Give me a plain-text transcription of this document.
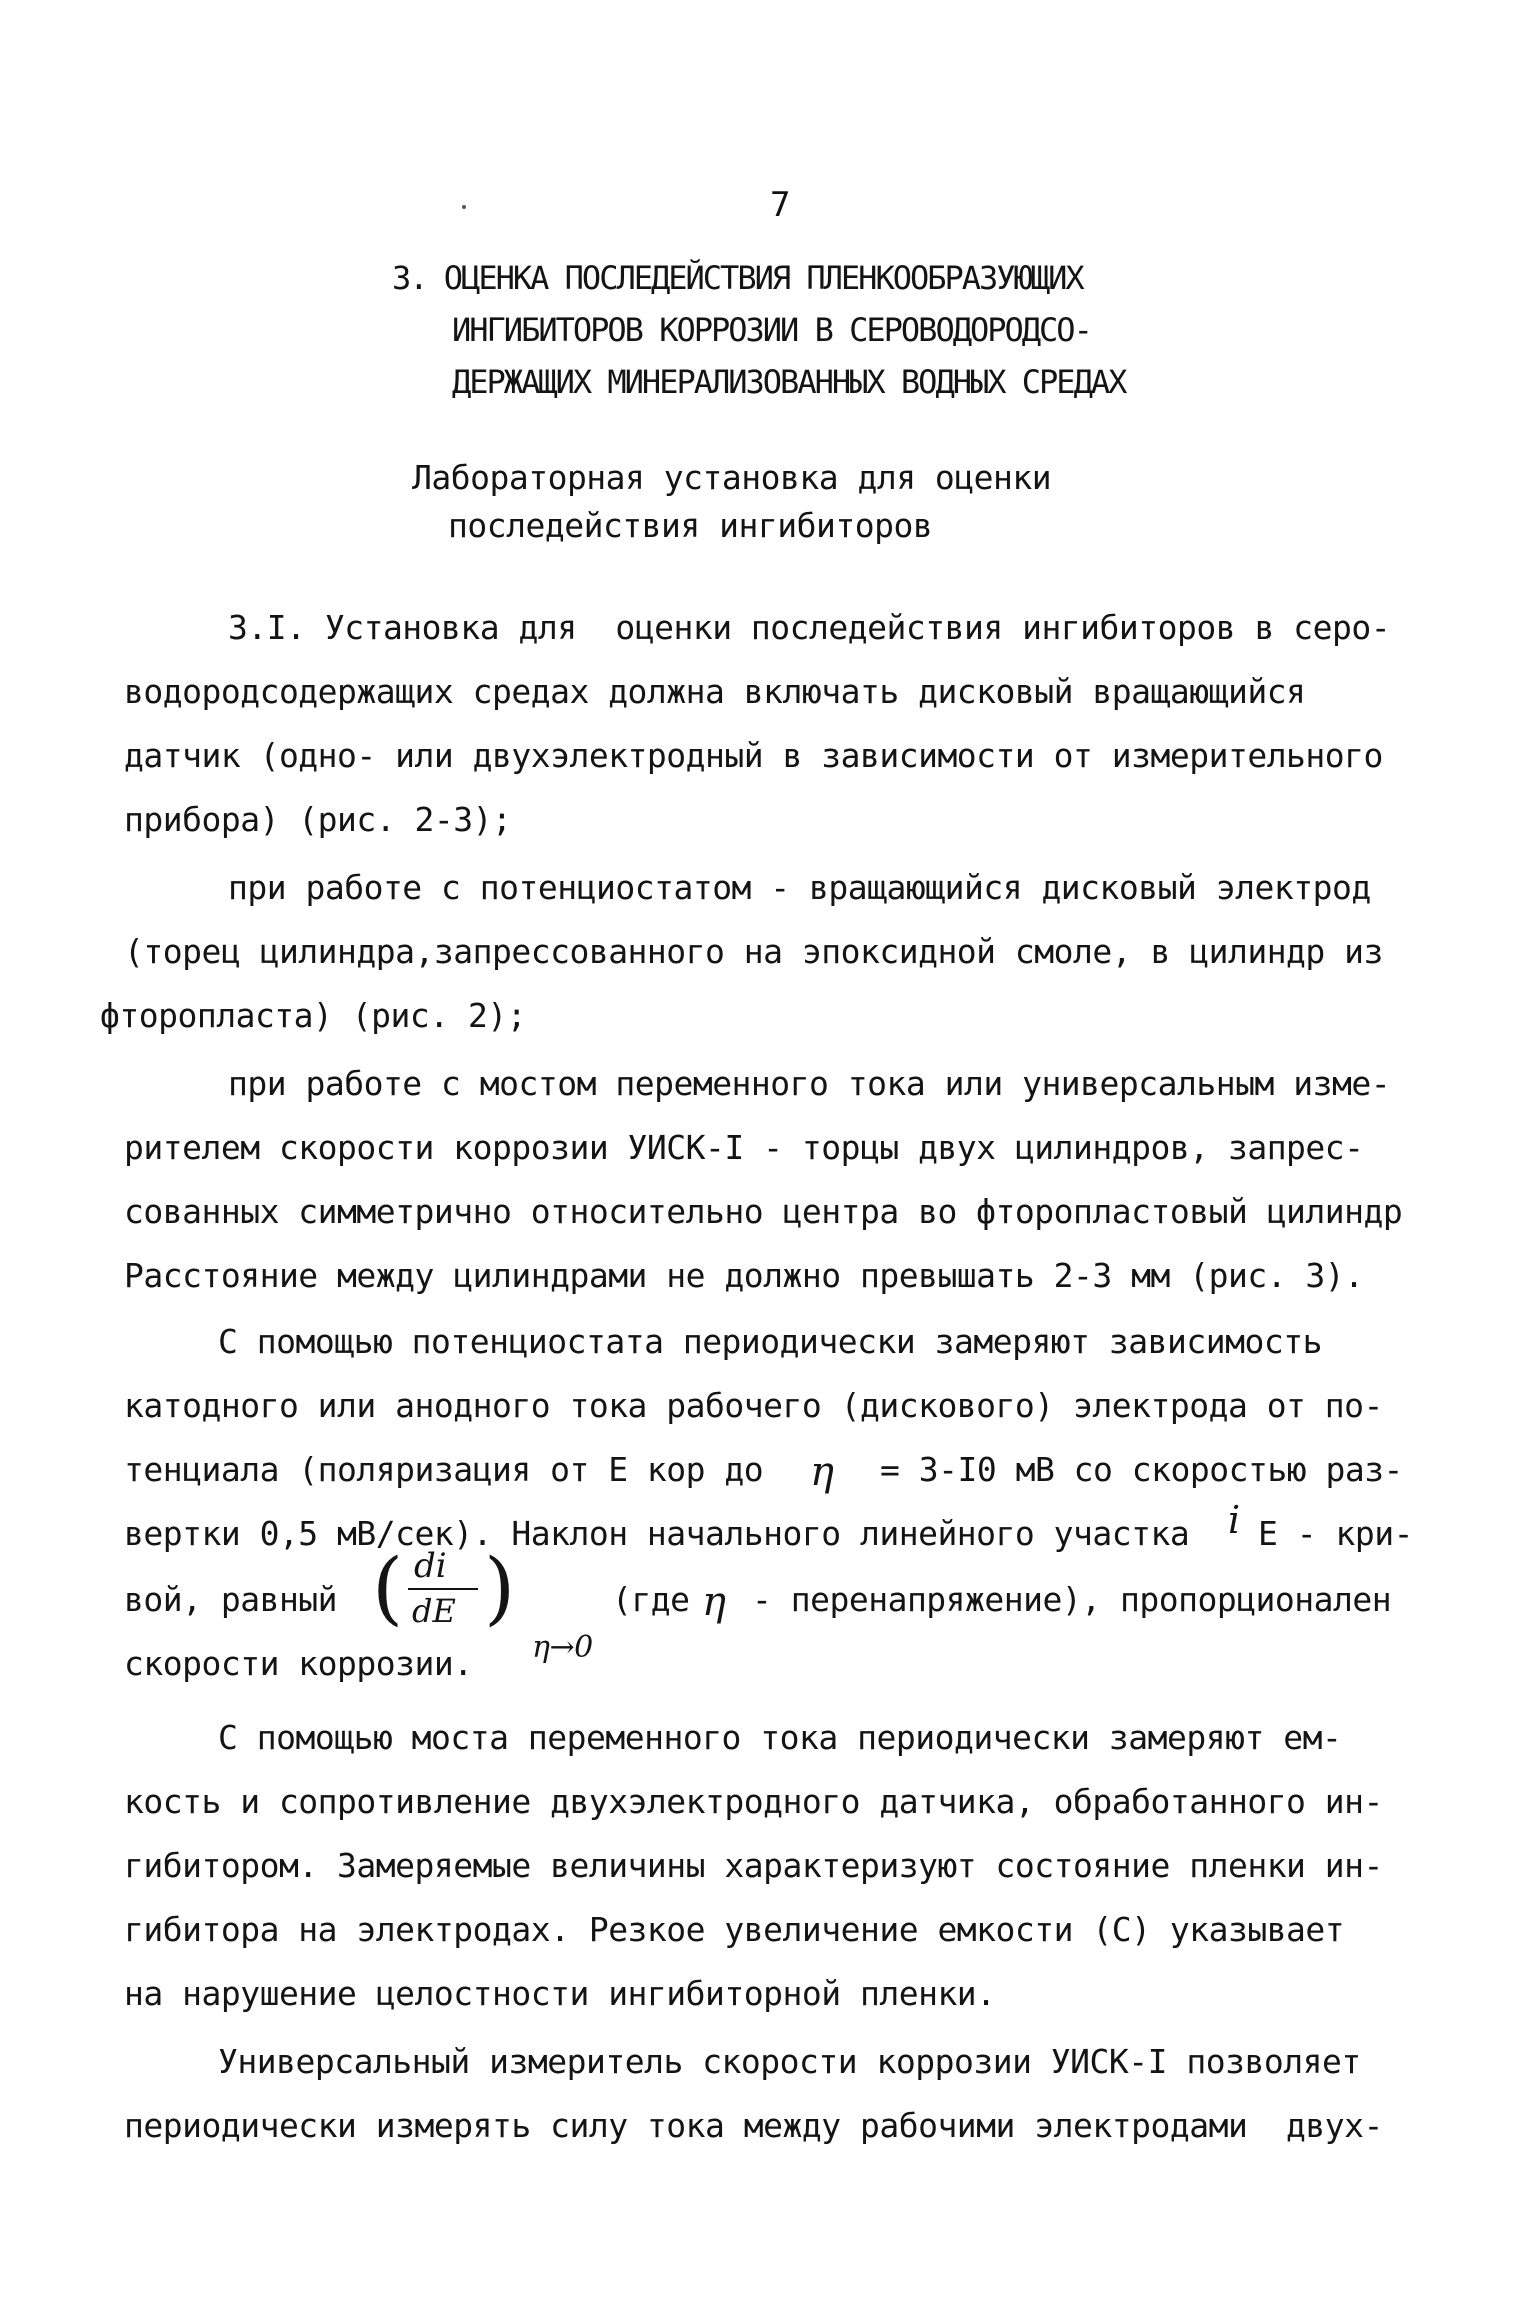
7
3. ОЦЕНКА ПОСЛЕДЕЙСТВИЯ ПЛЕНКООБРАЗУЮЩИХ
ИНГИБИТОРОВ КОРРОЗИИ В СЕРОВОДОРОДСО-
ДЕРЖАЩИХ МИНЕРАЛИЗОВАННЫХ ВОДНЫХ СРЕДАХ
Лабораторная установка для оценки
последействия ингибиторов
3.I. Установка для  оценки последействия ингибиторов в серо-
водородсодержащих средах должна включать дисковый вращающийся
датчик (одно- или двухэлектродный в зависимости от измерительного
прибора) (рис. 2-3);
при работе с потенциостатом - вращающийся дисковый электрод
(торец цилиндра,запрессованного на эпоксидной смоле, в цилиндр из
фторопласта) (рис. 2);
при работе с мостом переменного тока или универсальным изме-
рителем скорости коррозии УИСК-I - торцы двух цилиндров, запрес-
сованных симметрично относительно центра во фторопластовый цилиндр
Расстояние между цилиндрами не должно превышать 2-3 мм (рис. 3).
С помощью потенциостата периодически замеряют зависимость
катодного или анодного тока рабочего (дискового) электрода от по-
тенциала (поляризация от Е кор до η = 3-I0 мВ со скоростью раз-
вертки 0,5 мВ/сек). Наклон начального линейного участка i Е - кри-
вой, равный ( di
dE )	(где η - перенапряжение), пропорционален
скорости коррозии. η→0
С помощью моста переменного тока периодически замеряют ем-
кость и сопротивление двухэлектродного датчика, обработанного ин-
гибитором. Замеряемые величины характеризуют состояние пленки ин-
гибитора на электродах. Резкое увеличение емкости (С) указывает
на нарушение целостности ингибиторной пленки.
Универсальный измеритель скорости коррозии УИСК-I позволяет
периодически измерять силу тока между рабочими электродами  двух-
